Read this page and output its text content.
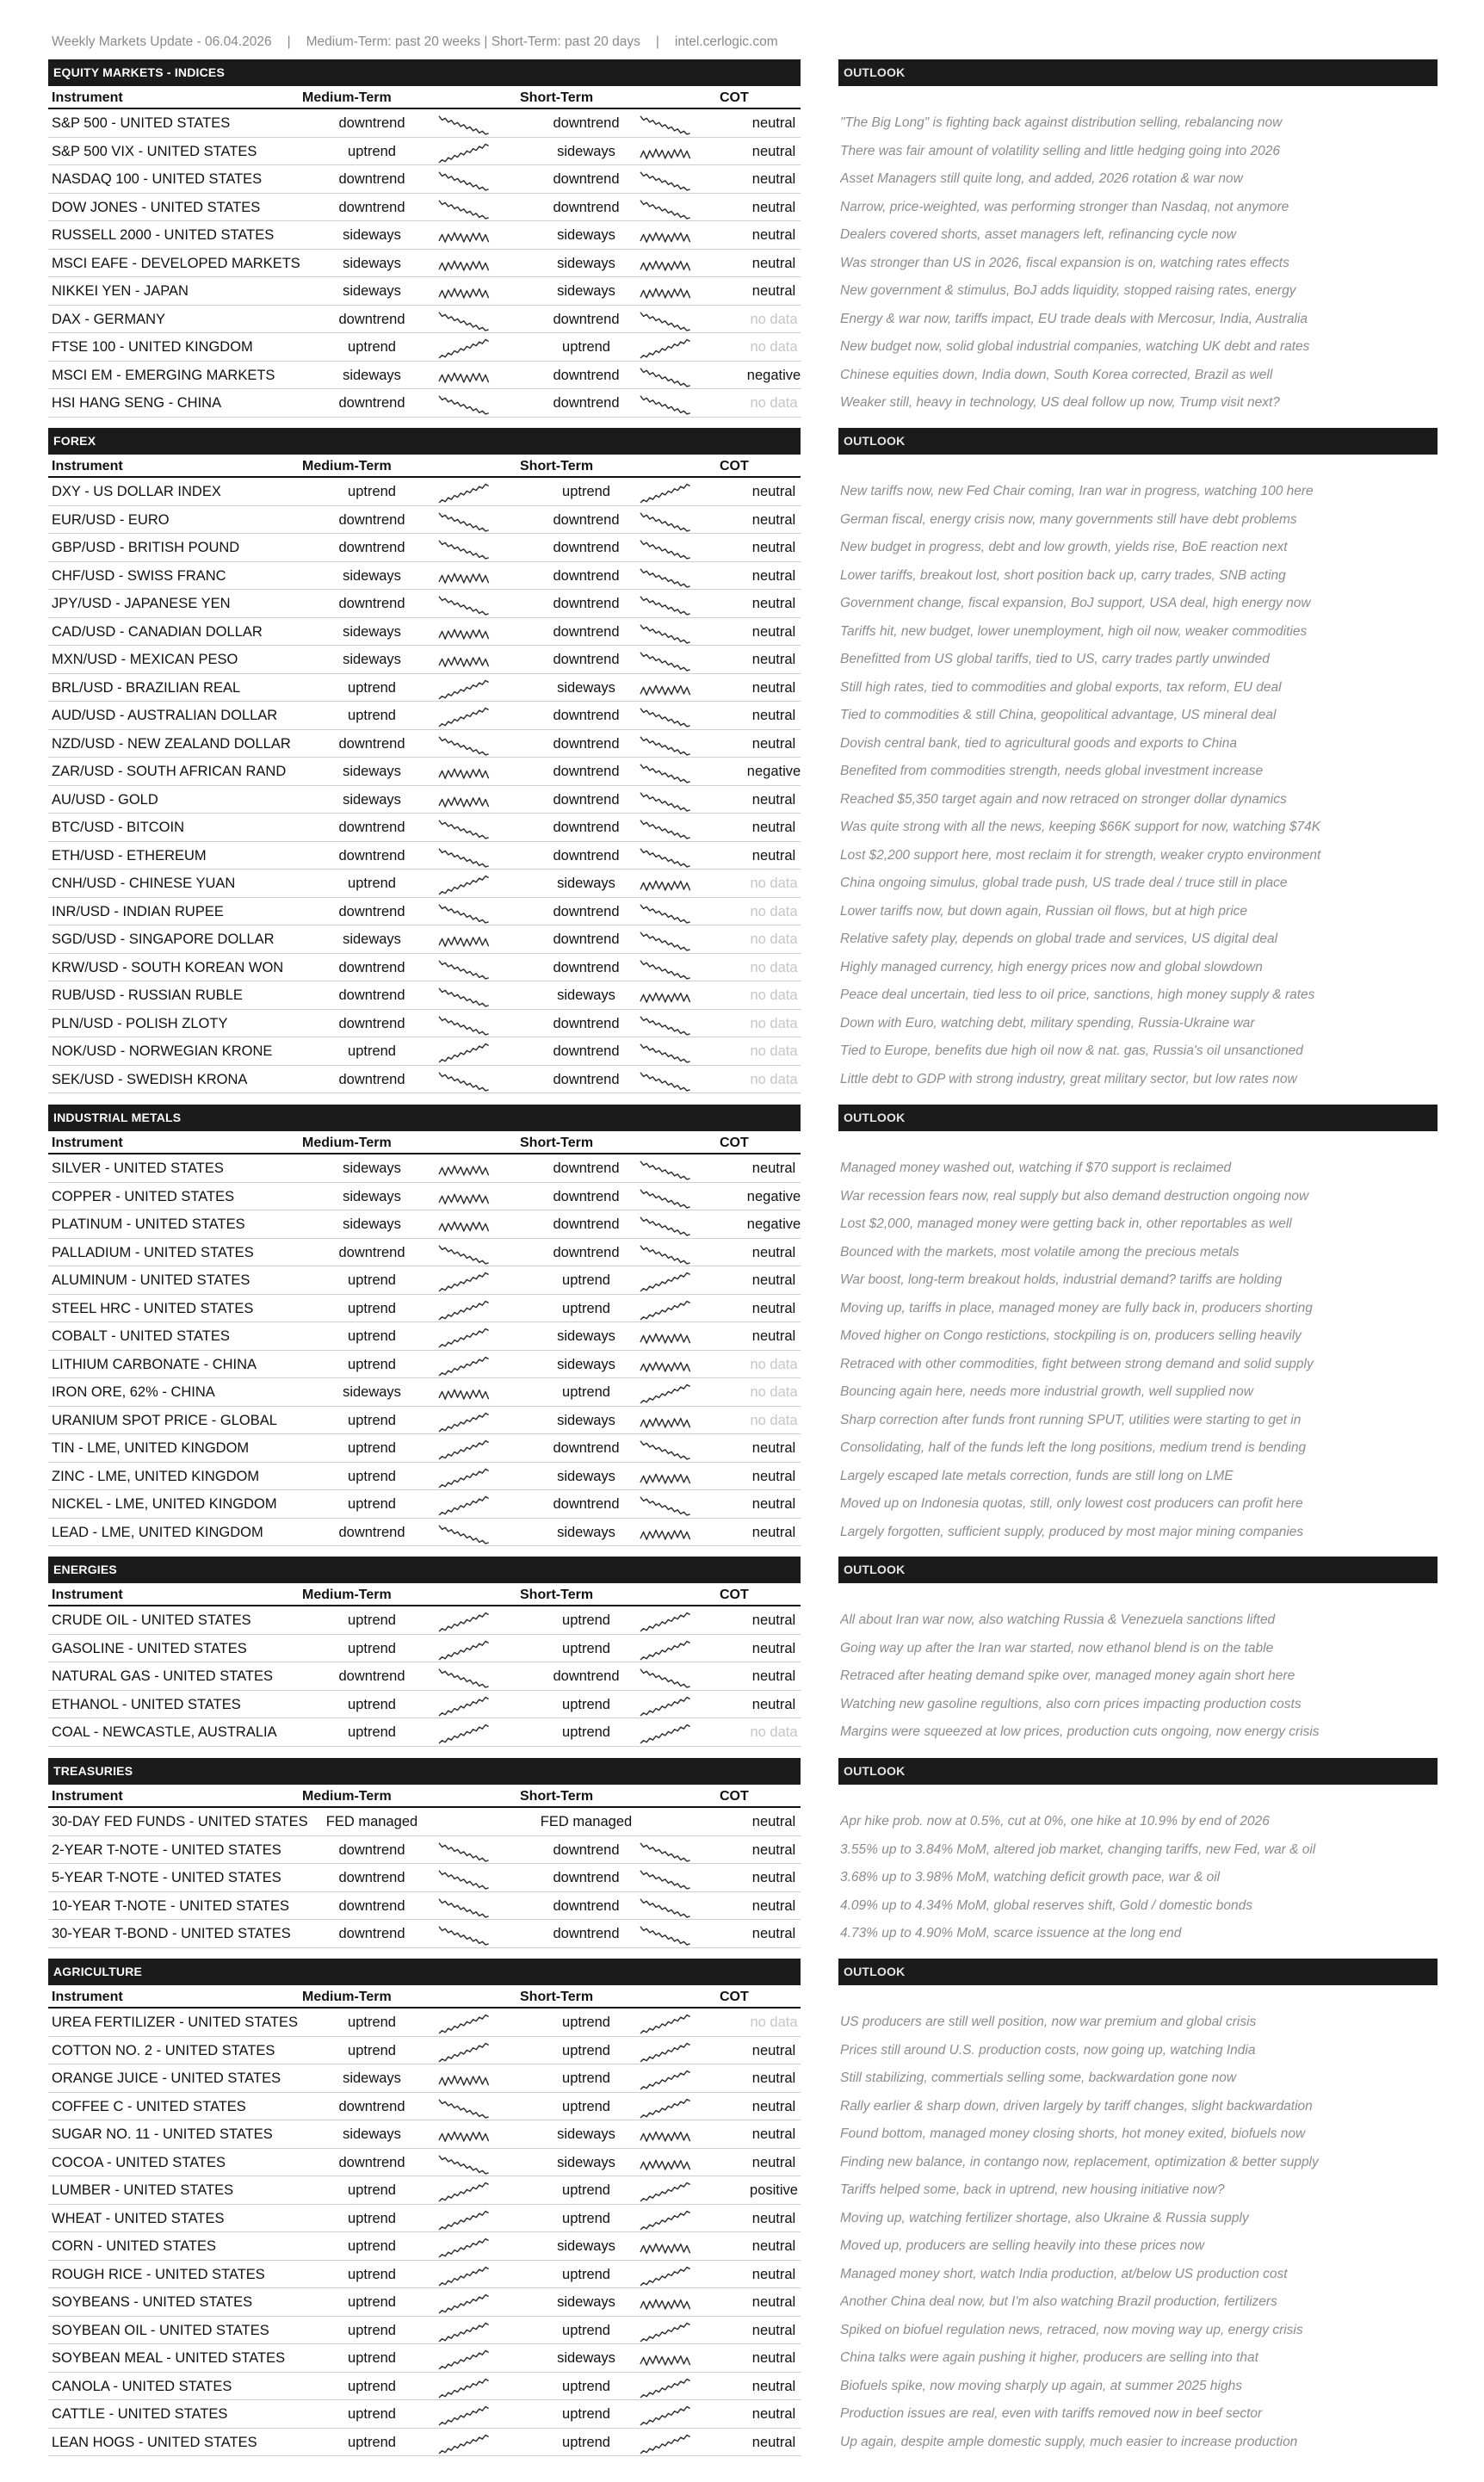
Weekly Markets Update - 06.04.2026 | Medium-Term: past 20 weeks | Short-Term: past 20 days | intel.cerlogic.com
EQUITY MARKETS - INDICES	OUTLOOK
Instrument	Medium-Term	Short-Term	COT
S&P 500 - UNITED STATES	downtrend	downtrend	neutral	"The Big Long" is fighting back against distribution selling, rebalancing now
S&P 500 VIX - UNITED STATES	uptrend	sideways	neutral	There was fair amount of volatility selling and little hedging going into 2026
NASDAQ 100 - UNITED STATES	downtrend	downtrend	neutral	Asset Managers still quite long, and added, 2026 rotation & war now
DOW JONES - UNITED STATES	downtrend	downtrend	neutral	Narrow, price-weighted, was performing stronger than Nasdaq, not anymore
RUSSELL 2000 - UNITED STATES	sideways	sideways	neutral	Dealers covered shorts, asset managers left, refinancing cycle now
MSCI EAFE - DEVELOPED MARKETS	sideways	sideways	neutral	Was stronger than US in 2026, fiscal expansion is on, watching rates effects
NIKKEI YEN - JAPAN	sideways	sideways	neutral	New government & stimulus, BoJ adds liquidity, stopped raising rates, energy
DAX - GERMANY	downtrend	downtrend	no data	Energy & war now, tariffs impact, EU trade deals with Mercosur, India, Australia
FTSE 100 - UNITED KINGDOM	uptrend	uptrend	no data	New budget now, solid global industrial companies, watching UK debt and rates
MSCI EM - EMERGING MARKETS	sideways	downtrend	negative	Chinese equities down, India down, South Korea corrected, Brazil as well
HSI HANG SENG - CHINA	downtrend	downtrend	no data	Weaker still, heavy in technology, US deal follow up now, Trump visit next?
FOREX	OUTLOOK
Instrument	Medium-Term	Short-Term	COT
DXY - US DOLLAR INDEX	uptrend	uptrend	neutral	New tariffs now, new Fed Chair coming, Iran war in progress, watching 100 here
EUR/USD - EURO	downtrend	downtrend	neutral	German fiscal, energy crisis now, many governments still have debt problems
GBP/USD - BRITISH POUND	downtrend	downtrend	neutral	New budget in progress, debt and low growth, yields rise, BoE reaction next
CHF/USD - SWISS FRANC	sideways	downtrend	neutral	Lower tariffs, breakout lost, short position back up, carry trades, SNB acting
JPY/USD - JAPANESE YEN	downtrend	downtrend	neutral	Government change, fiscal expansion, BoJ support, USA deal, high energy now
CAD/USD - CANADIAN DOLLAR	sideways	downtrend	neutral	Tariffs hit, new budget, lower unemployment, high oil now, weaker commodities
MXN/USD - MEXICAN PESO	sideways	downtrend	neutral	Benefitted from US global tariffs, tied to US, carry trades partly unwinded
BRL/USD - BRAZILIAN REAL	uptrend	sideways	neutral	Still high rates, tied to commodities and global exports, tax reform, EU deal
AUD/USD - AUSTRALIAN DOLLAR	uptrend	downtrend	neutral	Tied to commodities & still China, geopolitical advantage, US mineral deal
NZD/USD - NEW ZEALAND DOLLAR	downtrend	downtrend	neutral	Dovish central bank, tied to agricultural goods and exports to China
ZAR/USD - SOUTH AFRICAN RAND	sideways	downtrend	negative	Benefited from commodities strength, needs global investment increase
AU/USD - GOLD	sideways	downtrend	neutral	Reached $5,350 target again and now retraced on stronger dollar dynamics
BTC/USD - BITCOIN	downtrend	downtrend	neutral	Was quite strong with all the news, keeping $66K support for now, watching $74K
ETH/USD - ETHEREUM	downtrend	downtrend	neutral	Lost $2,200 support here, most reclaim it for strength, weaker crypto environment
CNH/USD - CHINESE YUAN	uptrend	sideways	no data	China ongoing simulus, global trade push, US trade deal / truce still in place
INR/USD - INDIAN RUPEE	downtrend	downtrend	no data	Lower tariffs now, but down again, Russian oil flows, but at high price
SGD/USD - SINGAPORE DOLLAR	sideways	downtrend	no data	Relative safety play, depends on global trade and services, US digital deal
KRW/USD - SOUTH KOREAN WON	downtrend	downtrend	no data	Highly managed currency, high energy prices now and global slowdown
RUB/USD - RUSSIAN RUBLE	downtrend	sideways	no data	Peace deal uncertain, tied less to oil price, sanctions, high money supply & rates
PLN/USD - POLISH ZLOTY	downtrend	downtrend	no data	Down with Euro, watching debt, military spending, Russia-Ukraine war
NOK/USD - NORWEGIAN KRONE	uptrend	downtrend	no data	Tied to Europe, benefits due high oil now & nat. gas, Russia's oil unsanctioned
SEK/USD - SWEDISH KRONA	downtrend	downtrend	no data	Little debt to GDP with strong industry, great military sector, but low rates now
INDUSTRIAL METALS	OUTLOOK
Instrument	Medium-Term	Short-Term	COT
SILVER - UNITED STATES	sideways	downtrend	neutral	Managed money washed out, watching if $70 support is reclaimed
COPPER - UNITED STATES	sideways	downtrend	negative	War recession fears now, real supply but also demand destruction ongoing now
PLATINUM - UNITED STATES	sideways	downtrend	negative	Lost $2,000, managed money were getting back in, other reportables as well
PALLADIUM - UNITED STATES	downtrend	downtrend	neutral	Bounced with the markets, most volatile among the precious metals
ALUMINUM - UNITED STATES	uptrend	uptrend	neutral	War boost, long-term breakout holds, industrial demand? tariffs are holding
STEEL HRC - UNITED STATES	uptrend	uptrend	neutral	Moving up, tariffs in place, managed money are fully back in, producers shorting
COBALT - UNITED STATES	uptrend	sideways	neutral	Moved higher on Congo restictions, stockpiling is on, producers selling heavily
LITHIUM CARBONATE - CHINA	uptrend	sideways	no data	Retraced with other commodities, fight between strong demand and solid supply
IRON ORE, 62% - CHINA	sideways	uptrend	no data	Bouncing again here, needs more industrial growth, well supplied now
URANIUM SPOT PRICE - GLOBAL	uptrend	sideways	no data	Sharp correction after funds front running SPUT, utilities were starting to get in
TIN - LME, UNITED KINGDOM	uptrend	downtrend	neutral	Consolidating, half of the funds left the long positions, medium trend is bending
ZINC - LME, UNITED KINGDOM	uptrend	sideways	neutral	Largely escaped late metals correction, funds are still long on LME
NICKEL - LME, UNITED KINGDOM	uptrend	downtrend	neutral	Moved up on Indonesia quotas, still, only lowest cost producers can profit here
LEAD - LME, UNITED KINGDOM	downtrend	sideways	neutral	Largely forgotten, sufficient supply, produced by most major mining companies
ENERGIES	OUTLOOK
Instrument	Medium-Term	Short-Term	COT
CRUDE OIL - UNITED STATES	uptrend	uptrend	neutral	All about Iran war now, also watching Russia & Venezuela sanctions lifted
GASOLINE - UNITED STATES	uptrend	uptrend	neutral	Going way up after the Iran war started, now ethanol blend is on the table
NATURAL GAS - UNITED STATES	downtrend	downtrend	neutral	Retraced after heating demand spike over, managed money again short here
ETHANOL - UNITED STATES	uptrend	uptrend	neutral	Watching new gasoline regultions, also corn prices impacting production costs
COAL - NEWCASTLE, AUSTRALIA	uptrend	uptrend	no data	Margins were squeezed at low prices, production cuts ongoing, now energy crisis
TREASURIES	OUTLOOK
Instrument	Medium-Term	Short-Term	COT
30-DAY FED FUNDS - UNITED STATES	FED managed	FED managed	neutral	Apr hike prob. now at 0.5%, cut at 0%, one hike at 10.9% by end of 2026
2-YEAR T-NOTE - UNITED STATES	downtrend	downtrend	neutral	3.55% up to 3.84% MoM, altered job market, changing tariffs, new Fed, war & oil
5-YEAR T-NOTE - UNITED STATES	downtrend	downtrend	neutral	3.68% up to 3.98% MoM, watching deficit growth pace, war & oil
10-YEAR T-NOTE - UNITED STATES	downtrend	downtrend	neutral	4.09% up to 4.34% MoM, global reserves shift, Gold / domestic bonds
30-YEAR T-BOND - UNITED STATES	downtrend	downtrend	neutral	4.73% up to 4.90% MoM, scarce issuence at the long end
AGRICULTURE	OUTLOOK
Instrument	Medium-Term	Short-Term	COT
UREA FERTILIZER - UNITED STATES	uptrend	uptrend	no data	US producers are still well position, now war premium and global crisis
COTTON NO. 2 - UNITED STATES	uptrend	uptrend	neutral	Prices still around U.S. production costs, now going up, watching India
ORANGE JUICE - UNITED STATES	sideways	uptrend	neutral	Still stabilizing, commertials selling some, backwardation gone now
COFFEE C - UNITED STATES	downtrend	uptrend	neutral	Rally earlier & sharp down, driven largely by tariff changes, slight backwardation
SUGAR NO. 11 - UNITED STATES	sideways	sideways	neutral	Found bottom, managed money closing shorts, hot money exited, biofuels now
COCOA - UNITED STATES	downtrend	sideways	neutral	Finding new balance, in contango now, replacement, optimization & better supply
LUMBER - UNITED STATES	uptrend	uptrend	positive	Tariffs helped some, back in uptrend, new housing initiative now?
WHEAT - UNITED STATES	uptrend	uptrend	neutral	Moving up, watching fertilizer shortage, also Ukraine & Russia supply
CORN - UNITED STATES	uptrend	sideways	neutral	Moved up, producers are selling heavily into these prices now
ROUGH RICE - UNITED STATES	uptrend	uptrend	neutral	Managed money short, watch India production, at/below US production cost
SOYBEANS - UNITED STATES	uptrend	sideways	neutral	Another China deal now, but I'm also watching Brazil production, fertilizers
SOYBEAN OIL - UNITED STATES	uptrend	uptrend	neutral	Spiked on biofuel regulation news, retraced, now moving way up, energy crisis
SOYBEAN MEAL - UNITED STATES	uptrend	sideways	neutral	China talks were again pushing it higher, producers are selling into that
CANOLA - UNITED STATES	uptrend	uptrend	neutral	Biofuels spike, now moving sharply up again, at summer 2025 highs
CATTLE - UNITED STATES	uptrend	uptrend	neutral	Production issues are real, even with tariffs removed now in beef sector
LEAN HOGS - UNITED STATES	uptrend	uptrend	neutral	Up again, despite ample domestic supply, much easier to increase production
